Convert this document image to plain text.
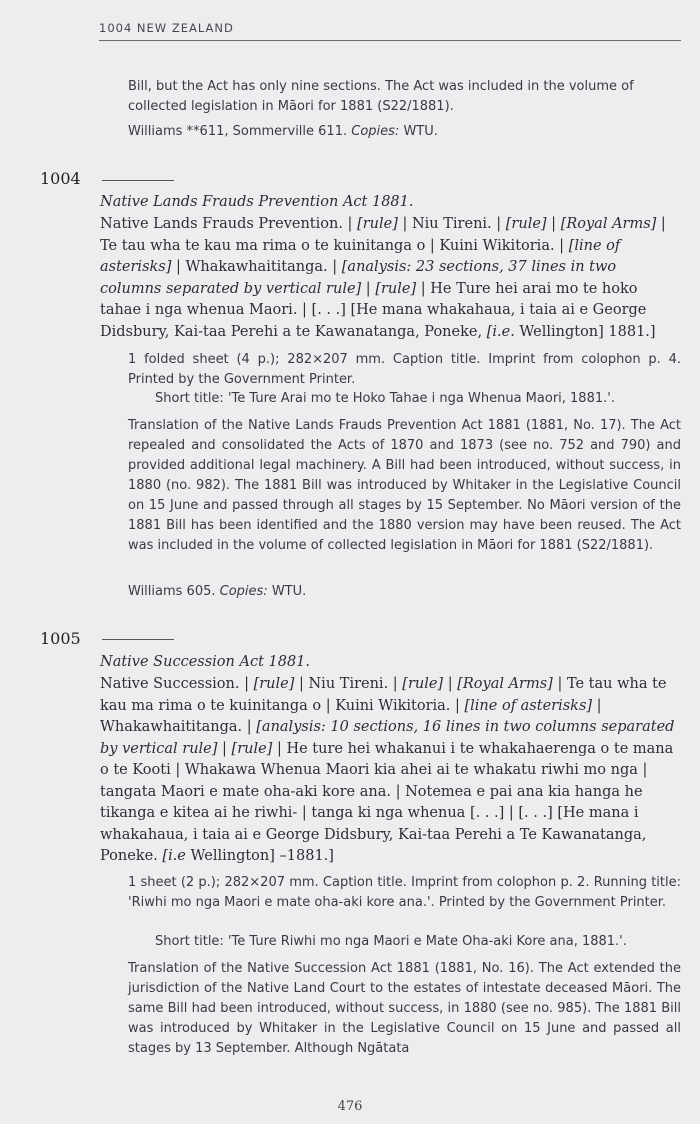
1004 NEW ZEALAND
Bill, but the Act has only nine sections. The Act was included in the volume of collected legislation in Māori for 1881 (S22/1881).
Williams **611, Sommerville 611. Copies: WTU.
1004
Native Lands Frauds Prevention Act 1881.
Native Lands Frauds Prevention. | [rule] | Niu Tireni. | [rule] | [Royal Arms] | Te tau wha te kau ma rima o te kuinitanga o | Kuini Wikitoria. | [line of asterisks] | Whakawhaititanga. | [analysis: 23 sections, 37 lines in two columns separated by vertical rule] | [rule] | He Ture hei arai mo te hoko tahae i nga whenua Maori. | [. . .] [He mana whakahaua, i taia ai e George Didsbury, Kai-taa Perehi a te Kawanatanga, Poneke, [i.e. Wellington] 1881.]
1 folded sheet (4 p.); 282×207 mm. Caption title. Imprint from colophon p. 4. Printed by the Government Printer.
Short title: 'Te Ture Arai mo te Hoko Tahae i nga Whenua Maori, 1881.'.
Translation of the Native Lands Frauds Prevention Act 1881 (1881, No. 17). The Act repealed and consolidated the Acts of 1870 and 1873 (see no. 752 and 790) and provided additional legal machinery. A Bill had been introduced, without success, in 1880 (no. 982). The 1881 Bill was introduced by Whitaker in the Legislative Council on 15 June and passed through all stages by 15 September. No Māori version of the 1881 Bill has been identified and the 1880 version may have been reused. The Act was included in the volume of collected legislation in Māori for 1881 (S22/1881).
Williams 605. Copies: WTU.
1005
Native Succession Act 1881.
Native Succession. | [rule] | Niu Tireni. | [rule] | [Royal Arms] | Te tau wha te kau ma rima o te kuinitanga o | Kuini Wikitoria. | [line of asterisks] | Whakawhaititanga. | [analysis: 10 sections, 16 lines in two columns separated by vertical rule] | [rule] | He ture hei whakanui i te whakahaerenga o te mana o te Kooti | Whakawa Whenua Maori kia ahei ai te whakatu riwhi mo nga | tangata Maori e mate oha-aki kore ana. | Notemea e pai ana kia hanga he tikanga e kitea ai he riwhi- | tanga ki nga whenua [. . .] | [. . .] [He mana i whakahaua, i taia ai e George Didsbury, Kai-taa Perehi a Te Kawanatanga, Poneke. [i.e Wellington] –1881.]
1 sheet (2 p.); 282×207 mm. Caption title. Imprint from colophon p. 2. Running title: 'Riwhi mo nga Maori e mate oha-aki kore ana.'. Printed by the Government Printer.
Short title: 'Te Ture Riwhi mo nga Maori e Mate Oha-aki Kore ana, 1881.'.
Translation of the Native Succession Act 1881 (1881, No. 16). The Act extended the jurisdiction of the Native Land Court to the estates of intestate deceased Māori. The same Bill had been introduced, without success, in 1880 (see no. 985). The 1881 Bill was introduced by Whitaker in the Legislative Council on 15 June and passed all stages by 13 September. Although Ngātata
476
